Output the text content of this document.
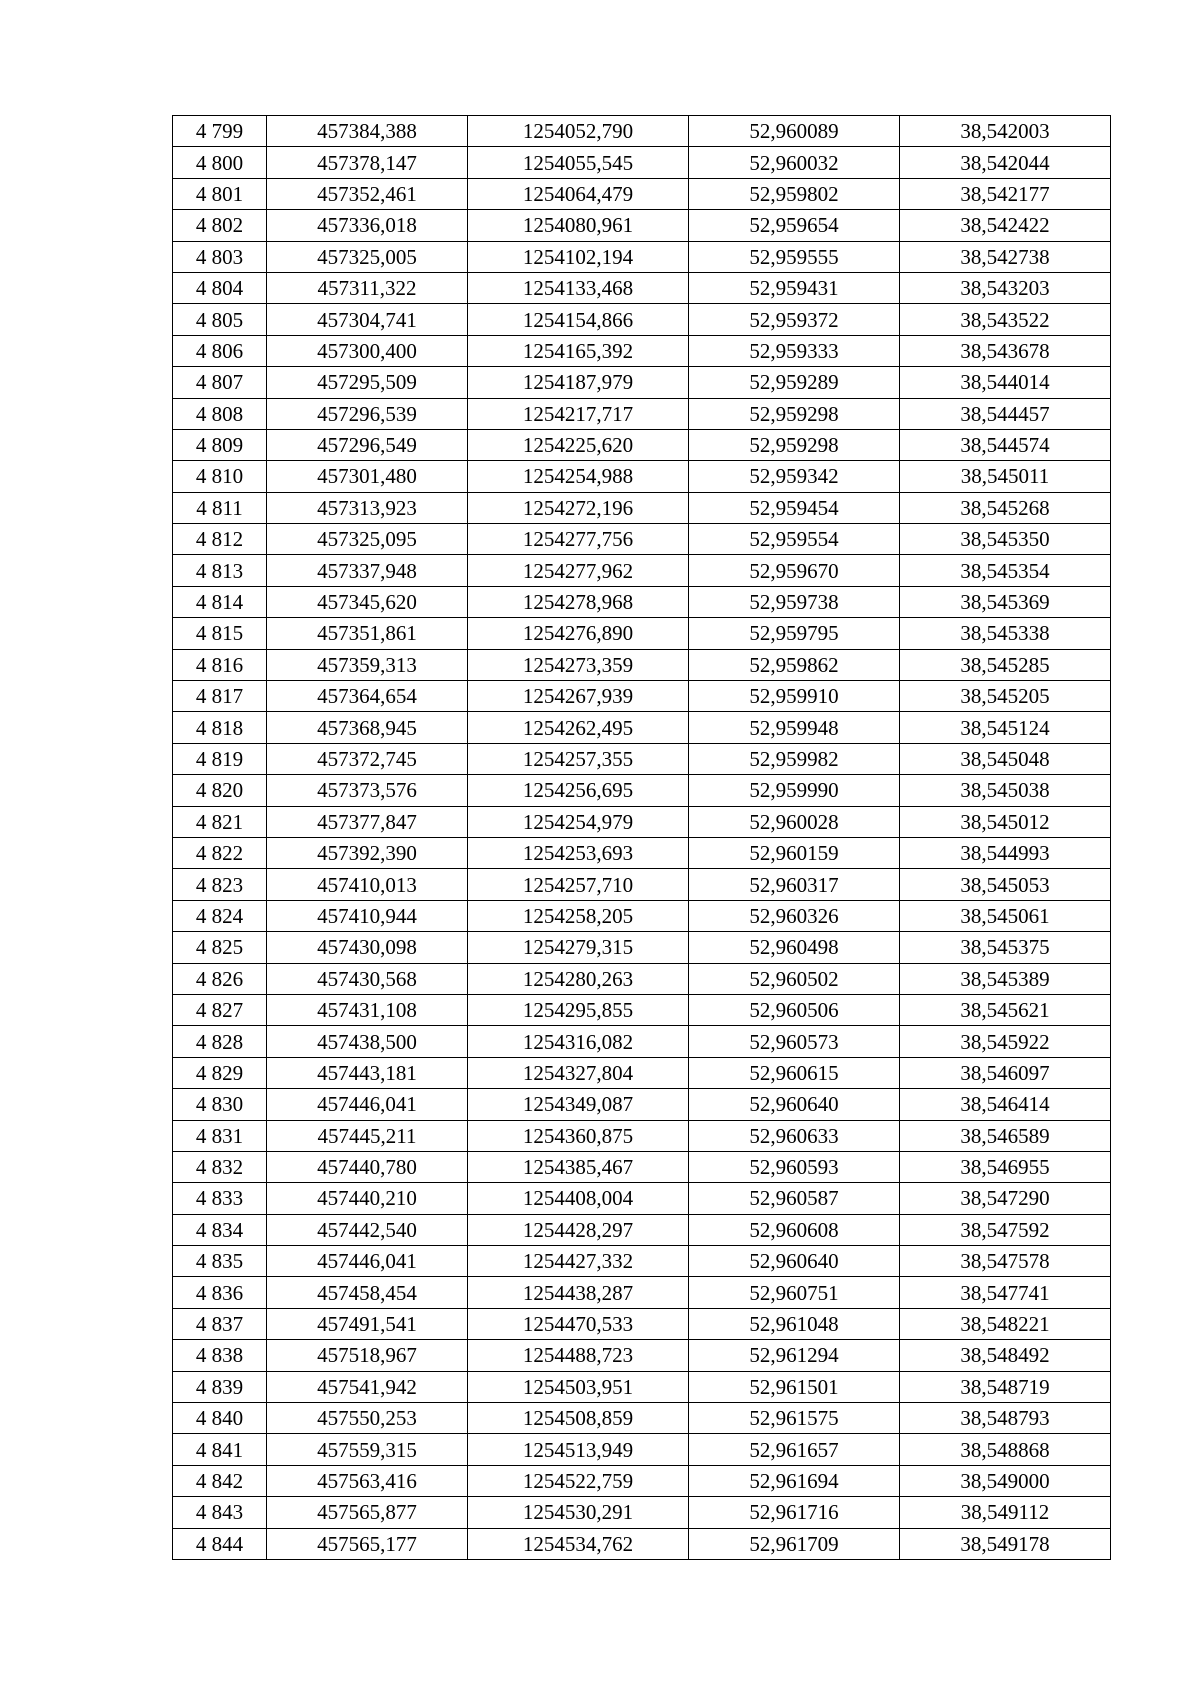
4 799	457384,388	1254052,790	52,960089	38,542003
4 800	457378,147	1254055,545	52,960032	38,542044
4 801	457352,461	1254064,479	52,959802	38,542177
4 802	457336,018	1254080,961	52,959654	38,542422
4 803	457325,005	1254102,194	52,959555	38,542738
4 804	457311,322	1254133,468	52,959431	38,543203
4 805	457304,741	1254154,866	52,959372	38,543522
4 806	457300,400	1254165,392	52,959333	38,543678
4 807	457295,509	1254187,979	52,959289	38,544014
4 808	457296,539	1254217,717	52,959298	38,544457
4 809	457296,549	1254225,620	52,959298	38,544574
4 810	457301,480	1254254,988	52,959342	38,545011
4 811	457313,923	1254272,196	52,959454	38,545268
4 812	457325,095	1254277,756	52,959554	38,545350
4 813	457337,948	1254277,962	52,959670	38,545354
4 814	457345,620	1254278,968	52,959738	38,545369
4 815	457351,861	1254276,890	52,959795	38,545338
4 816	457359,313	1254273,359	52,959862	38,545285
4 817	457364,654	1254267,939	52,959910	38,545205
4 818	457368,945	1254262,495	52,959948	38,545124
4 819	457372,745	1254257,355	52,959982	38,545048
4 820	457373,576	1254256,695	52,959990	38,545038
4 821	457377,847	1254254,979	52,960028	38,545012
4 822	457392,390	1254253,693	52,960159	38,544993
4 823	457410,013	1254257,710	52,960317	38,545053
4 824	457410,944	1254258,205	52,960326	38,545061
4 825	457430,098	1254279,315	52,960498	38,545375
4 826	457430,568	1254280,263	52,960502	38,545389
4 827	457431,108	1254295,855	52,960506	38,545621
4 828	457438,500	1254316,082	52,960573	38,545922
4 829	457443,181	1254327,804	52,960615	38,546097
4 830	457446,041	1254349,087	52,960640	38,546414
4 831	457445,211	1254360,875	52,960633	38,546589
4 832	457440,780	1254385,467	52,960593	38,546955
4 833	457440,210	1254408,004	52,960587	38,547290
4 834	457442,540	1254428,297	52,960608	38,547592
4 835	457446,041	1254427,332	52,960640	38,547578
4 836	457458,454	1254438,287	52,960751	38,547741
4 837	457491,541	1254470,533	52,961048	38,548221
4 838	457518,967	1254488,723	52,961294	38,548492
4 839	457541,942	1254503,951	52,961501	38,548719
4 840	457550,253	1254508,859	52,961575	38,548793
4 841	457559,315	1254513,949	52,961657	38,548868
4 842	457563,416	1254522,759	52,961694	38,549000
4 843	457565,877	1254530,291	52,961716	38,549112
4 844	457565,177	1254534,762	52,961709	38,549178
